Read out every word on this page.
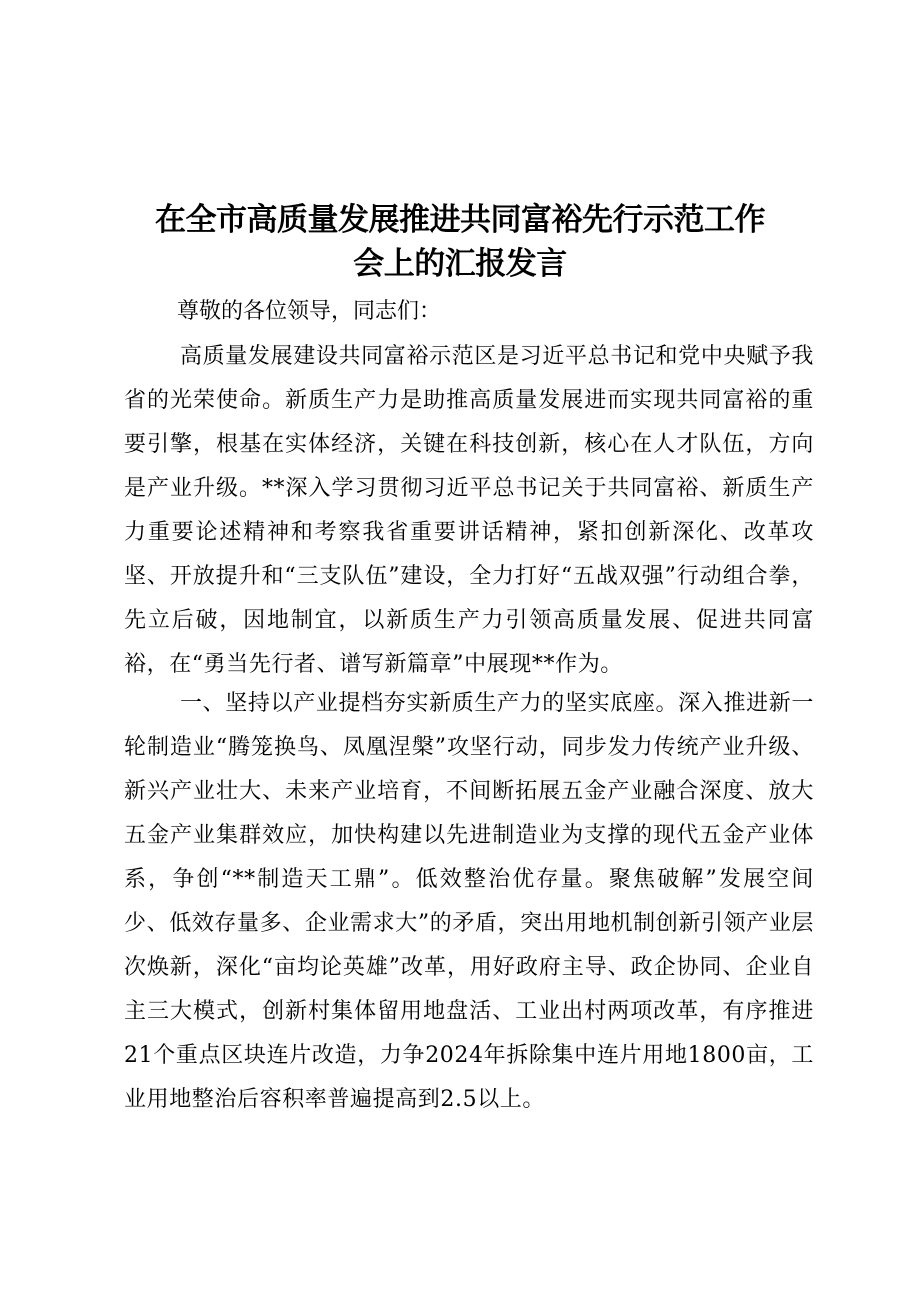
在全市高质量发展推进共同富裕先行示范工作
会上的汇报发言

尊敬的各位领导，同志们：

高质量发展建设共同富裕示范区是习近平总书记和党中央赋予我省的光荣使命。新质生产力是助推高质量发展进而实现共同富裕的重要引擎，根基在实体经济，关键在科技创新，核心在人才队伍，方向是产业升级。**深入学习贯彻习近平总书记关于共同富裕、新质生产力重要论述精神和考察我省重要讲话精神，紧扣创新深化、改革攻坚、开放提升和“三支队伍”建设，全力打好“五战双强”行动组合拳，先立后破，因地制宜，以新质生产力引领高质量发展、促进共同富裕，在“勇当先行者、谱写新篇章”中展现**作为。

一、坚持以产业提档夯实新质生产力的坚实底座。深入推进新一轮制造业“腾笼换鸟、凤凰涅槃”攻坚行动，同步发力传统产业升级、新兴产业壮大、未来产业培育，不间断拓展五金产业融合深度、放大五金产业集群效应，加快构建以先进制造业为支撑的现代五金产业体系，争创“**制造天工鼎”。低效整治优存量。聚焦破解”发展空间少、低效存量多、企业需求大”的矛盾，突出用地机制创新引领产业层次焕新，深化“亩均论英雄”改革，用好政府主导、政企协同、企业自主三大模式，创新村集体留用地盘活、工业出村两项改革，有序推进21个重点区块连片改造，力争2024年拆除集中连片用地1800亩，工业用地整治后容积率普遍提高到2.5以上。
